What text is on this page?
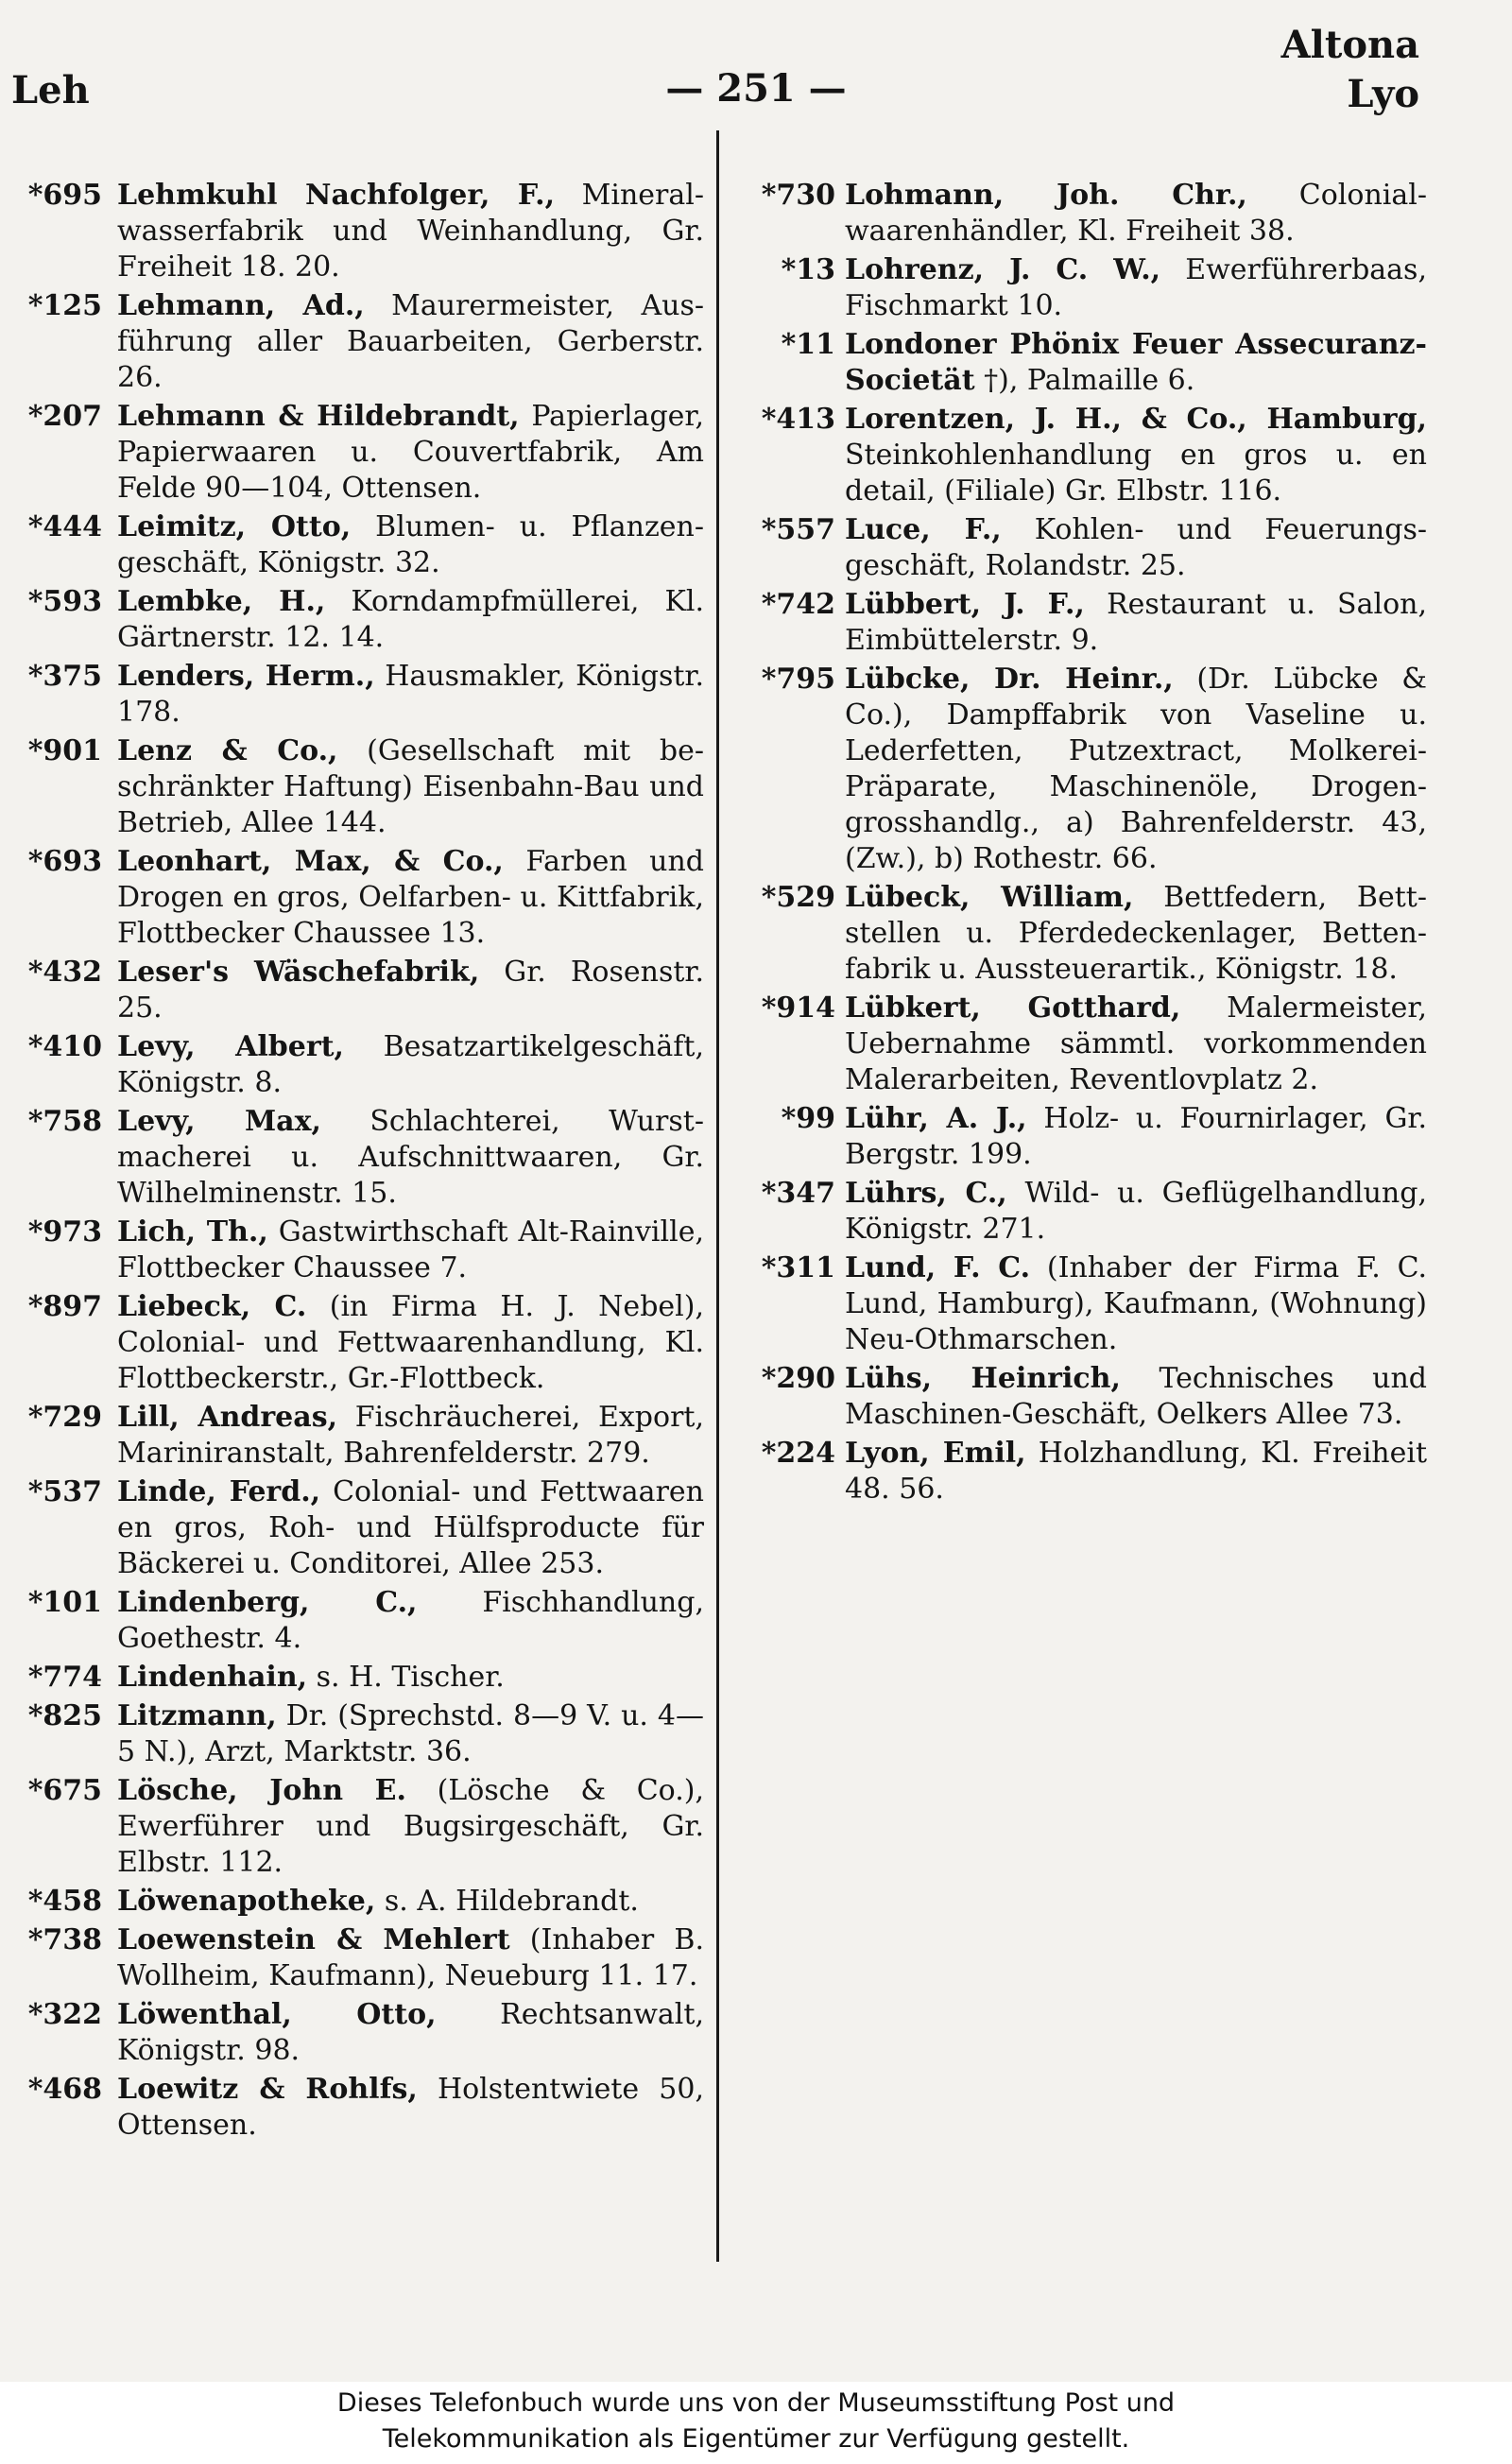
Leh	— 251 —
Altona
Lyo
*695 Lehmkuhl Nachfolger, F., Mineralwasserfabrik und Weinhandlung, Gr. Freiheit 18. 20.
*125 Lehmann, Ad., Maurermeister, Ausführung aller Bauarbeiten, Gerberstr. 26.
*207 Lehmann & Hildebrandt, Papierlager, Papierwaaren u. Couvertfabrik, Am Felde 90—104, Ottensen.
*444 Leimitz, Otto, Blumen- u. Pflanzengeschäft, Königstr. 32.
*593 Lembke, H., Korndampfmüllerei, Kl. Gärtnerstr. 12. 14.
*375 Lenders, Herm., Hausmakler, Königstr. 178.
*901 Lenz & Co., (Gesellschaft mit beschränkter Haftung) Eisenbahn-Bau und Betrieb, Allee 144.
*693 Leonhart, Max, & Co., Farben und Drogen en gros, Oelfarben- u. Kittfabrik, Flottbecker Chaussee 13.
*432 Leser's Wäschefabrik, Gr. Rosenstr. 25.
*410 Levy, Albert, Besatzartikelgeschäft, Königstr. 8.
*758 Levy, Max, Schlachterei, Wurstmacherei u. Aufschnittwaaren, Gr. Wilhelminenstr. 15.
*973 Lich, Th., Gastwirthschaft Alt-Rainville, Flottbecker Chaussee 7.
*897 Liebeck, C. (in Firma H. J. Nebel), Colonial- und Fettwaarenhandlung, Kl. Flottbeckerstr., Gr.-Flottbeck.
*729 Lill, Andreas, Fischräucherei, Export, Mariniranstalt, Bahrenfelderstr. 279.
*537 Linde, Ferd., Colonial- und Fettwaaren en gros, Roh- und Hülfsproducte für Bäckerei u. Conditorei, Allee 253.
*101 Lindenberg, C., Fischhandlung, Goethestr. 4.
*774 Lindenhain, s. H. Tischer.
*825 Litzmann, Dr. (Sprechstd. 8—9 V. u. 4—5 N.), Arzt, Marktstr. 36.
*675 Lösche, John E. (Lösche & Co.), Ewerführer und Bugsirgeschäft, Gr. Elbstr. 112.
*458 Löwenapotheke, s. A. Hildebrandt.
*738 Loewenstein & Mehlert (Inhaber B. Wollheim, Kaufmann), Neueburg 11. 17.
*322 Löwenthal, Otto, Rechtsanwalt, Königstr. 98.
*468 Loewitz & Rohlfs, Holstentwiete 50, Ottensen.
*730 Lohmann, Joh. Chr., Colonialwaarenhändler, Kl. Freiheit 38.
*13 Lohrenz, J. C. W., Ewerführerbaas, Fischmarkt 10.
*11 Londoner Phönix Feuer Assecuranz-Societät †), Palmaille 6.
*413 Lorentzen, J. H., & Co., Hamburg, Steinkohlenhandlung en gros u. en detail, (Filiale) Gr. Elbstr. 116.
*557 Luce, F., Kohlen- und Feuerungsgeschäft, Rolandstr. 25.
*742 Lübbert, J. F., Restaurant u. Salon, Eimbüttelerstr. 9.
*795 Lübcke, Dr. Heinr., (Dr. Lübcke & Co.), Dampffabrik von Vaseline u. Lederfetten, Putzextract, Molkerei-Präparate, Maschinenöle, Drogengrosshandlg., a) Bahrenfelderstr. 43, (Zw.), b) Rothestr. 66.
*529 Lübeck, William, Bettfedern, Bettstellen u. Pferdedeckenlager, Bettenfabrik u. Aussteuerartik., Königstr. 18.
*914 Lübkert, Gotthard, Malermeister, Uebernahme sämmtl. vorkommenden Malerarbeiten, Reventlovplatz 2.
*99 Lühr, A. J., Holz- u. Fournirlager, Gr. Bergstr. 199.
*347 Lührs, C., Wild- u. Geflügelhandlung, Königstr. 271.
*311 Lund, F. C. (Inhaber der Firma F. C. Lund, Hamburg), Kaufmann, (Wohnung) Neu-Othmarschen.
*290 Lühs, Heinrich, Technisches und Maschinen-Geschäft, Oelkers Allee 73.
*224 Lyon, Emil, Holzhandlung, Kl. Freiheit 48. 56.
Dieses Telefonbuch wurde uns von der Museumsstiftung Post und
Telekommunikation als Eigentümer zur Verfügung gestellt.
